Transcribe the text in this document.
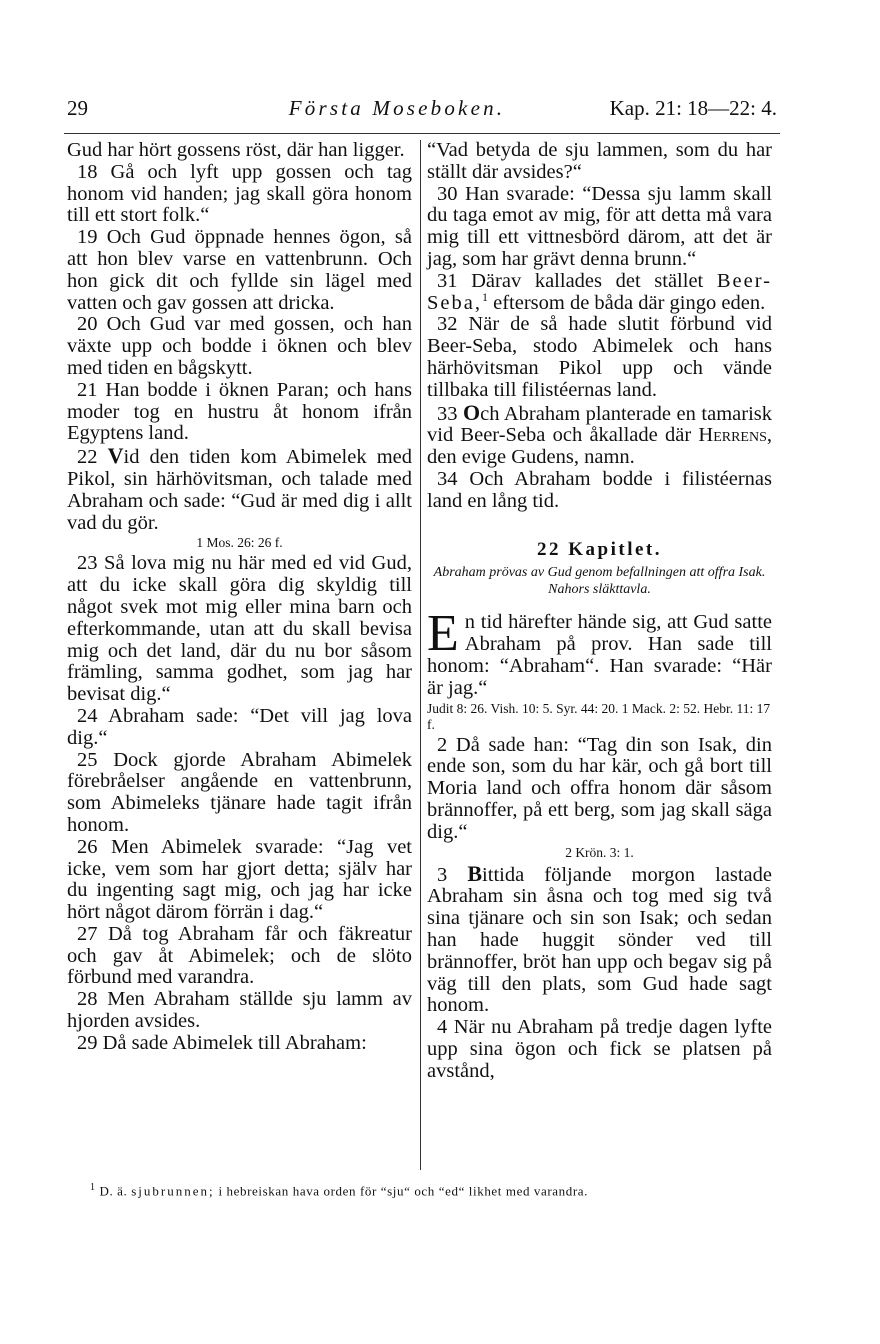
29	Första Moseboken.	Kap. 21: 18—22: 4.

Gud har hört gossens röst, där han ligger.

18 Gå och lyft upp gossen och tag honom vid handen; jag skall göra honom till ett stort folk.“

19 Och Gud öppnade hennes ögon, så att hon blev varse en vattenbrunn. Och hon gick dit och fyllde sin lägel med vatten och gav gossen att dricka.

20 Och Gud var med gossen, och han växte upp och bodde i öknen och blev med tiden en bågskytt.

21 Han bodde i öknen Paran; och hans moder tog en hustru åt honom ifrån Egyptens land.

22 Vid den tiden kom Abimelek med Pikol, sin härhövitsman, och talade med Abraham och sade: “Gud är med dig i allt vad du gör.

1 Mos. 26: 26 f.

23 Så lova mig nu här med ed vid Gud, att du icke skall göra dig skyldig till något svek mot mig eller mina barn och efterkommande, utan att du skall bevisa mig och det land, där du nu bor såsom främling, samma godhet, som jag har bevisat dig.“

24 Abraham sade: “Det vill jag lova dig.“

25 Dock gjorde Abraham Abimelek förebråelser angående en vattenbrunn, som Abimeleks tjänare hade tagit ifrån honom.

26 Men Abimelek svarade: “Jag vet icke, vem som har gjort detta; själv har du ingenting sagt mig, och jag har icke hört något därom förrän i dag.“

27 Då tog Abraham får och fäkreatur och gav åt Abimelek; och de slöto förbund med varandra.

28 Men Abraham ställde sju lamm av hjorden avsides.

29 Då sade Abimelek till Abraham:

“Vad betyda de sju lammen, som du har ställt där avsides?“

30 Han svarade: “Dessa sju lamm skall du taga emot av mig, för att detta må vara mig till ett vittnesbörd därom, att det är jag, som har grävt denna brunn.“

31 Därav kallades det stället Beer-Seba,$^1$ eftersom de båda där gingo eden.

32 När de så hade slutit förbund vid Beer-Seba, stodo Abimelek och hans härhövitsman Pikol upp och vände tillbaka till filistéernas land.

33 Och Abraham planterade en tamarisk vid Beer-Seba och åkallade där Herrens, den evige Gudens, namn.

34 Och Abraham bodde i filistéernas land en lång tid.

22 Kapitlet.
Abraham prövas av Gud genom befallningen att offra Isak. Nahors släkttavla.

En tid härefter hände sig, att Gud satte Abraham på prov. Han sade till honom: “Abraham“. Han svarade: “Här är jag.“

Judit 8: 26. Vish. 10: 5. Syr. 44: 20. 1 Mack. 2: 52. Hebr. 11: 17 f.

2 Då sade han: “Tag din son Isak, din ende son, som du har kär, och gå bort till Moria land och offra honom där såsom brännoffer, på ett berg, som jag skall säga dig.“

2 Krön. 3: 1.

3 Bittida följande morgon lastade Abraham sin åsna och tog med sig två sina tjänare och sin son Isak; och sedan han hade huggit sönder ved till brännoffer, bröt han upp och begav sig på väg till den plats, som Gud hade sagt honom.

4 När nu Abraham på tredje dagen lyfte upp sina ögon och fick se platsen på avstånd,

$^1$ D. ä. sjubrunnen; i hebreiskan hava orden för “sju“ och “ed“ likhet med varandra.
